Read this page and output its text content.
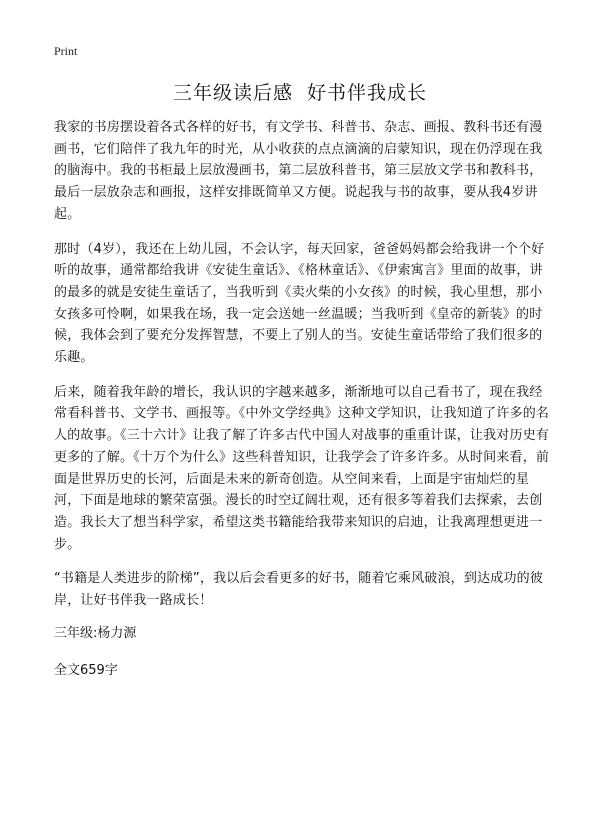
Print
三年级读后感  好书伴我成长

我家的书房摆设着各式各样的好书，有文学书、科普书、杂志、画报、教科书还有漫画书，它们陪伴了我九年的时光，从小收获的点点滴滴的启蒙知识，现在仍浮现在我的脑海中。我的书柜最上层放漫画书，第二层放科普书，第三层放文学书和教科书，最后一层放杂志和画报，这样安排既简单又方便。说起我与书的故事，要从我4岁讲起。

那时（4岁），我还在上幼儿园，不会认字，每天回家，爸爸妈妈都会给我讲一个个好听的故事，通常都给我讲《安徒生童话》、《格林童话》、《伊索寓言》里面的故事，讲的最多的就是安徒生童话了，当我听到《卖火柴的小女孩》的时候，我心里想，那小女孩多可怜啊，如果我在场，我一定会送她一丝温暖；当我听到《皇帝的新装》的时候，我体会到了要充分发挥智慧，不要上了别人的当。安徒生童话带给了我们很多的乐趣。

后来，随着我年龄的增长，我认识的字越来越多，渐渐地可以自己看书了，现在我经常看科普书、文学书、画报等。《中外文学经典》这种文学知识，让我知道了许多的名人的故事。《三十六计》让我了解了许多古代中国人对战事的重重计谋，让我对历史有更多的了解。《十万个为什么》这些科普知识，让我学会了许多许多。从时间来看，前面是世界历史的长河，后面是未来的新奇创造。从空间来看，上面是宇宙灿烂的星河，下面是地球的繁荣富强。漫长的时空辽阔壮观，还有很多等着我们去探索，去创造。我长大了想当科学家，希望这类书籍能给我带来知识的启迪，让我离理想更进一步。

“书籍是人类进步的阶梯”，我以后会看更多的好书，随着它乘风破浪，到达成功的彼岸，让好书伴我一路成长！

三年级:杨力源

全文659字
